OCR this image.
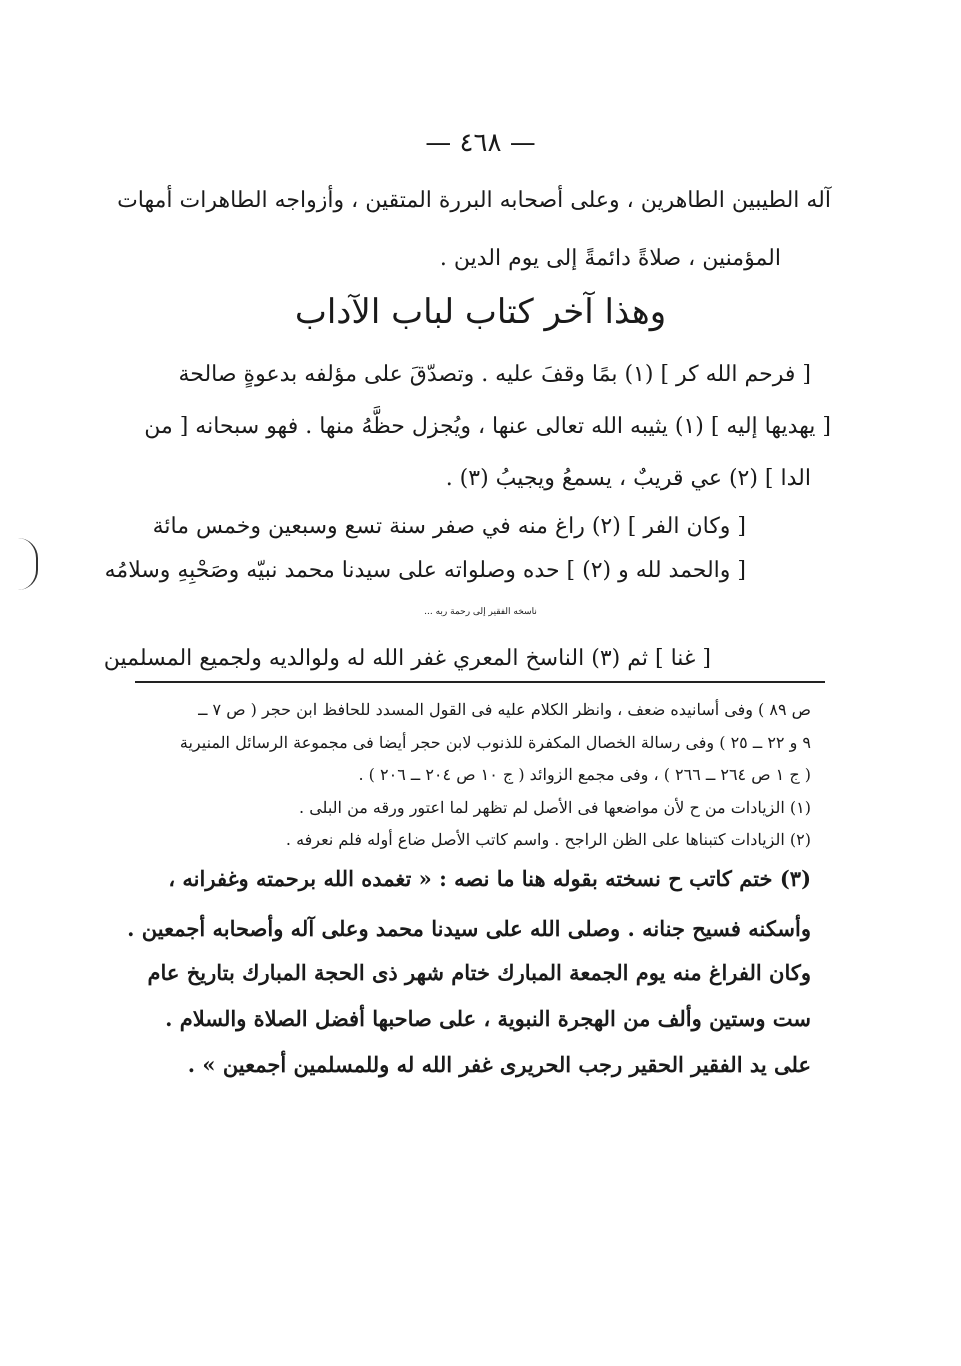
— ٤٦٨ —
آله الطيبين الطاهرين ، وعلى أصحابه البررة المتقين ، وأزواجه الطاهرات أمهات
المؤمنين ، صلاةً دائمةً إلى يوم الدين .
وهذا آخر كتاب لباب الآداب
[ فرحم الله كر ] (١) بمًا وقفَ عليه . وتصدّقَ على مؤلفه بدعوةٍ صالحة
[ يهديها إليه ] (١) يثيبه الله تعالى عنها ، ويُجزل حظَّهُ منها . فهو سبحانه [ من
الدا ] (٢) عي قريبٌ ، يسمعُ ويجيبُ (٣) .
[ وكان الفر ] (٢) راغ منه في صفر سنة تسع وسبعين وخمس مائة
[ والحمد لله و (٢) ] حده وصلواته على سيدنا محمد نبيّه وصَحْبِهِ وسلامُه
ناسخه الفقير إلى رحمة ربه ...
[ غنا ] ثم (٣) الناسخ المعري غفر الله له ولوالديه ولجميع المسلمين
ص ٨٩ ) وفى أسانيده ضعف ، وانظر الكلام عليه فى القول المسدد للحافظ ابن حجر ( ص ٧ ــ
٩ و ٢٢ ــ ٢٥ ) وفى رسالة الخصال المكفرة للذنوب لابن حجر أيضا فى مجموعة الرسائل المنيرية
( ج ١ ص ٢٦٤ ــ ٢٦٦ ) ، وفى مجمع الزوائد ( ج ١٠ ص ٢٠٤ ــ ٢٠٦ ) .
(١) الزيادات من ح لأن مواضعها فى الأصل لم تظهر لما اعتور ورقه من البلى .
(٢) الزيادات كتبناها على الظن الراجح . واسم كاتب الأصل ضاع أوله فلم نعرفه .
(٣) ختم كاتب ح نسخته بقوله هنا ما نصه : « تغمده الله برحمته وغفرانه ،
وأسكنه فسيح جنانه . وصلى الله على سيدنا محمد وعلى آله وأصحابه أجمعين .
وكان الفراغ منه يوم الجمعة المبارك ختام شهر ذى الحجة المبارك بتاريخ عام
ست وستين وألف من الهجرة النبوية ، على صاحبها أفضل الصلاة والسلام .
على يد الفقير الحقير رجب الحريرى غفر الله له وللمسلمين أجمعين » .
